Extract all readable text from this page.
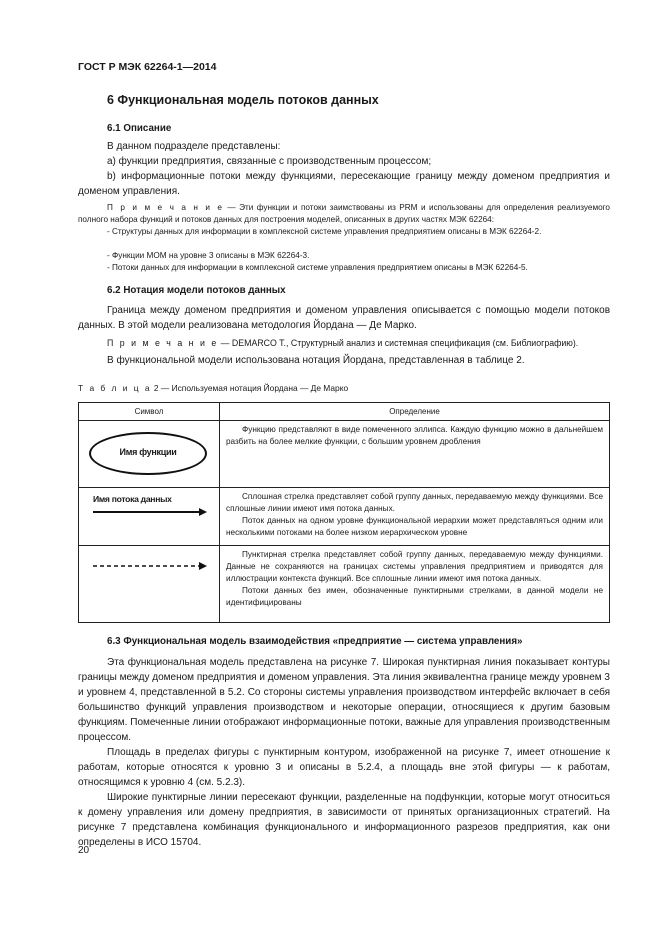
ГОСТ Р МЭК 62264-1—2014
6 Функциональная модель потоков данных
6.1 Описание
В данном подразделе представлены:
а) функции предприятия, связанные с производственным процессом;
b) информационные потоки между функциями, пересекающие границу между доменом предприятия и доменом управления.
П р и м е ч а н и е — Эти функции и потоки заимствованы из PRM и использованы для определения реализуемого полного набора функций и потоков данных для построения моделей, описанных в других частях МЭК 62264:
- Структуры данных для информации в комплексной системе управления предприятием описаны в МЭК 62264-2.
- Функции МОМ на уровне 3 описаны в МЭК 62264-3.
- Потоки данных для информации в комплексной системе управления предприятием описаны в МЭК 62264-5.
6.2 Нотация модели потоков данных
Граница между доменом предприятия и доменом управления описывается с помощью модели потоков данных. В этой модели реализована методология Йордана — Де Марко.
П р и м е ч а н и е — DEMARCO T., Структурный анализ и системная спецификация (см. Библиографию).
В функциональной модели использована нотация Йордана, представленная в таблице 2.
Т а б л и ц а 2 — Используемая нотация Йордана — Де Марко
Символ	Определение

Имя функции	Функцию представляют в виде помеченного эллипса. Каждую функцию можно в дальнейшем разбить на более мелкие функции, с большим уровнем дробления

Имя потока данных	Сплошная стрелка представляет собой группу данных, передаваемую между функциями. Все сплошные линии имеют имя потока данных.
Поток данных на одном уровне функциональной иерархии может представляться одним или несколькими потоками на более низком иерархическом уровне

Пунктирная стрелка представляет собой группу данных, передаваемую между функциями. Данные не сохраняются на границах системы управления предприятием и приводятся для иллюстрации контекста функций. Все сплошные линии имеют имя потока данных.
Потоки данных без имен, обозначенные пунктирными стрелками, в данной модели не идентифицированы
6.3 Функциональная модель взаимодействия «предприятие — система управления»
Эта функциональная модель представлена на рисунке 7. Широкая пунктирная линия показывает контуры границы между доменом предприятия и доменом управления. Эта линия эквивалентна границе между уровнем 3 и уровнем 4, представленной в 5.2. Со стороны системы управления производством интерфейс включает в себя большинство функций управления производством и некоторые операции, относящиеся к другим базовым функциям. Помеченные линии отображают информационные потоки, важные для управления производственным процессом.
Площадь в пределах фигуры с пунктирным контуром, изображенной на рисунке 7, имеет отношение к работам, которые относятся к уровню 3 и описаны в 5.2.4, а площадь вне этой фигуры — к работам, относящимся к уровню 4 (см. 5.2.3).
Широкие пунктирные линии пересекают функции, разделенные на подфункции, которые могут относиться к домену управления или домену предприятия, в зависимости от принятых организационных стратегий. На рисунке 7 представлена комбинация функционального и информационного разрезов предприятия, как они определены в ИСО 15704.
20
